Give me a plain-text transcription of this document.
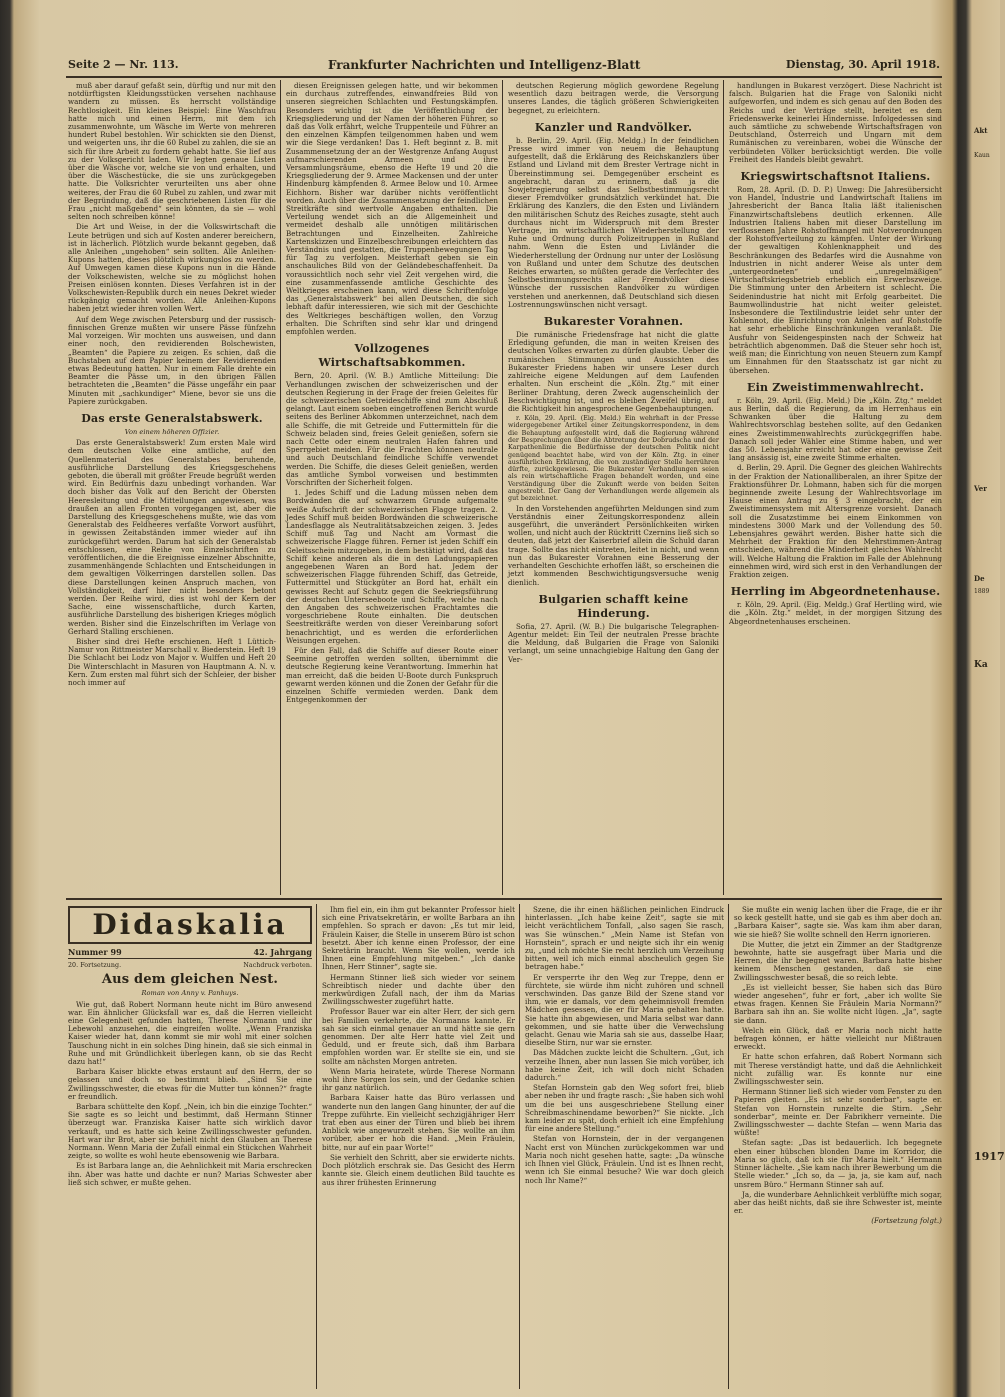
Seite 2 — Nr. 113.	Frankfurter Nachrichten und Intelligenz-Blatt	Dienstag, 30. April 1918.

muß aber darauf gefaßt sein, dürftig und nur mit den notdürftigsten Kleidungsstücken versehen nachhause wandern zu müssen. Es herrscht vollständige Rechtlosigkeit. Ein kleines Beispiel: Eine Waschfrau hatte mich und einen Herrn, mit dem ich zusammenwohnte, um Wäsche im Werte von mehreren hundert Rubel bestohlen. Wir schickten sie den Dienst, und weigerten uns, ihr die 60 Rubel zu zahlen, die sie an sich für ihre Arbeit zu fordern gehabt hatte. Sie lief aus zu der Volksgericht laden. Wir legten genaue Listen über die Wäsche vor, welche sie von und erhalten, und über die Wäschestücke, die sie uns zurückgegeben hatte. Die Volksrichter verurteilten uns aber ohne weiteres, der Frau die 60 Rubel zu zahlen, und zwar mit der Begründung, daß die geschriebenen Listen für die Frau „nicht maßgebend“ sein könnten, da sie — wohl selten noch schreiben könne!

Die Art und Weise, in der die Volkswirtschaft die Leute betrügen und sich auf Kosten anderer bereichern, ist in lächerlich. Plötzlich wurde bekannt gegeben, daß alle Anleihen „ungehoben“ sein sollten. Alle Anleihen-Kupons hatten, dieses plötzlich wirkungslos zu werden. Auf Umwegen kamen diese Kupons nun in die Hände der Volkschewisten, welche sie zu möglichst hohen Preisen einlösen konnten. Dieses Verfahren ist in der Volkschewisten-Republik durch ein neues Dekret wieder rückgängig gemacht worden. Alle Anleihen-Kupons haben jetzt wieder ihren vollen Wert.

Auf dem Wege zwischen Petersburg und der russisch-finnischen Grenze mußten wir unsere Pässe fünfzehn Mal vorzeigen. Wir mochten uns ausweisen, und dann einer noch, den revidierenden Bolschewisten, „Beamten“ die Papiere zu zeigen. Es schien, daß die Buchstaben auf dem Papier keinem der Revidierenden etwas Bedeutung hatten. Nur in einem Falle drehte ein Beamter die Pässe um, in den übrigen Fällen betrachteten die „Beamten“ die Pässe ungefähr ein paar Minuten mit „sachkundiger“ Miene, bevor sie uns die Papiere zurückgaben.

Das erste Generalstabswerk.
Von einem höheren Offizier.

Das erste Generalstabswerk! Zum ersten Male wird dem deutschen Volke eine amtliche, auf den Quellenmaterial des Generalstabes beruhende, ausführliche Darstellung des Kriegsgeschehens geboten, die überall mit größter Freude begrüßt werden wird. Ein Bedürfnis dazu unbedingt vorhanden. War doch bisher das Volk auf den Bericht der Obersten Heeresleitung und die Mitteilungen angewiesen, was draußen an allen Fronten vorgegangen ist, aber die Darstellung des Kriegsgeschehens mußte, wie das vom Generalstab des Feldheeres verfaßte Vorwort ausführt, in gewissen Zeitabständen immer wieder auf ihn zurückgeführt werden. Darum hat sich der Generalstab entschlossen, eine Reihe von Einzelschriften zu veröffentlichen, die die Ereignisse einzelner Abschnitte, zusammenhängende Schlachten und Entscheidungen in dem gewaltigen Völkerringen darstellen sollen. Das diese Darstellungen keinen Anspruch machen, von Vollständigkeit, darf hier nicht besonders betont werden. Der Reihe wird, dies ist wohl der Kern der Sache, eine wissenschaftliche, durch Karten, ausführliche Darstellung des bisherigen Krieges möglich werden. Bisher sind die Einzelschriften im Verlage von Gerhard Stalling erschienen.

Bisher sind drei Hefte erschienen. Heft 1 Lüttich-Namur von Rittmeister Marschall v. Biederstein. Heft 19 Die Schlacht bei Lodz von Major v. Wulffen und Heft 20 Die Winterschlacht in Masuren von Hauptmann A. N. v. Kern. Zum ersten mal führt sich der Schleier, der bisher noch immer auf

diesen Ereignissen gelegen hatte, und wir bekommen ein durchaus zutreffendes, einwandfreies Bild von unseren siegreichen Schlachten und Festungskämpfen. Besonders wichtig ist die Veröffentlichung der Kriegsgliederung und der Namen der höheren Führer, so daß das Volk erfährt, welche Truppenteile und Führer an den einzelnen Kämpfen teilgenommen haben und wem wir die Siege verdanken! Das 1. Heft beginnt z. B. mit Zusammensetzung der an der Westgrenze Anfang August aufmarschierenden Armeen und ihre Versammlungsräume, ebenso die Hefte 19 und 20 die Kriegsgliederung der 9. Armee Mackensen und der unter Hindenburg kämpfenden 8. Armee Below und 10. Armee Eichhorn. Bisher war darüber nichts veröffentlicht worden. Auch über die Zusammensetzung der feindlichen Streitkräfte sind wertvolle Angaben enthalten. Die Verteilung wendet sich an die Allgemeinheit und vermeidet deshalb alle unnötigen militärischen Betrachtungen und Einzelheiten. Zahlreiche Kartenskizzen und Einzelbeschreibungen erleichtern das Verständnis und gestatten, die Truppenbewegungen Tag für Tag zu verfolgen. Meisterhaft geben sie ein anschauliches Bild von der Geländebeschaffenheit. Da voraussichtlich noch sehr viel Zeit vergehen wird, die eine zusammenfassende amtliche Geschichte des Weltkrieges erscheinen kann, wird diese Schriftenfolge das „Generalstabswerk“ bei allen Deutschen, die sich lebhaft dafür interessieren, wie sich mit der Geschichte des Weltkrieges beschäftigen wollen, den Vorzug erhalten. Die Schriften sind sehr klar und dringend empfohlen werden.

Vollzogenes Wirtschaftsabkommen.

Bern, 20. April. (W. B.) Amtliche Mitteilung: Die Verhandlungen zwischen der schweizerischen und der deutschen Regierung in der Frage der freien Geleites für die schweizerischen Getreideschiffe sind zum Abschluß gelangt. Laut einem soeben eingetroffenen Bericht wurde seitens des Berliner Abkommen unterzeichnet, nach dem alle Schiffe, die mit Getreide und Futtermitteln für die Schweiz beladen sind, freies Geleit genießen, sofern sie nach Cette oder einem neutralen Hafen fahren und Sperrgebiet meiden. Für die Frachten können neutrale und auch Deutschland feindliche Schiffe verwendet werden. Die Schiffe, die dieses Geleit genießen, werden das amtliche Symbol vorweisen und bestimmten Vorschriften der Sicherheit folgen.

1. Jedes Schiff und die Ladung müssen neben dem Bordwänden die auf schwarzem Grunde aufgemalte weiße Aufschrift der schweizerischen Flagge tragen. 2. Jedes Schiff muß beiden Bordwänden die schweizerische Landesflagge als Neutralitätsabzeichen zeigen. 3. Jedes Schiff muß Tag und Nacht am Vormast die schweizerische Flagge führen. Ferner ist jeden Schiff ein Geleitsschein mitzugeben, in dem bestätigt wird, daß das Schiff keine anderen als die in den Ladungspapieren angegebenen Waren an Bord hat. Jedem der schweizerischen Flagge führenden Schiff, das Getreide, Futtermittel und Stückgüter an Bord hat, erhält ein gewisses Recht auf Schutz gegen die Seekriegsführung der deutschen Unterseeboote und Schiffe, welche nach den Angaben des schweizerischen Frachtamtes die vorgeschriebene Route einhalten. Die deutschen Seestreitkräfte werden von dieser Vereinbarung sofort benachrichtigt, und es werden die erforderlichen Weisungen ergehen.

Für den Fall, daß die Schiffe auf dieser Route einer Seemine getroffen werden sollten, übernimmt die deutsche Regierung keine Verantwortung. Immerhin hat man erreicht, daß die beiden U-Boote durch Funkspruch gewarnt werden können und die Zonen der Gefahr für die einzelnen Schiffe vermieden werden. Dank dem Entgegenkommen der

deutschen Regierung möglich gewordene Regelung wesentlich dazu beitragen werde, die Versorgung unseres Landes, die täglich größeren Schwierigkeiten begegnet, zu erleichtern.

Kanzler und Randvölker.

b. Berlin, 29. April. (Eig. Meldg.) In der feindlichen Presse wird immer von neuem die Behauptung aufgestellt, daß die Erklärung des Reichskanzlers über Estland und Livland mit dem Brester Vertrage nicht in Übereinstimmung sei. Demgegenüber erscheint es angebracht, daran zu erinnern, daß ja die Sowjetregierung selbst das Selbstbestimmungsrecht dieser Fremdvölker grundsätzlich verkündet hat. Die Erklärung des Kanzlers, die den Esten und Livländern den militärischen Schutz des Reiches zusagte, steht auch durchaus nicht im Widerspruch mit dem Brester Vertrage, im wirtschaftlichen Wiederherstellung der Ruhe und Ordnung durch Polizeitruppen in Rußland nahm. Wenn die Esten und Livländer die Wiederherstellung der Ordnung nur unter der Loslösung von Rußland und unter dem Schutze des deutschen Reiches erwarten, so müßten gerade die Verfechter des Selbstbestimmungsrechts aller Fremdvölker diese Wünsche der russischen Randvölker zu würdigen verstehen und anerkennen, daß Deutschland sich diesen Lostrennungswünschen nicht versagt.

Bukarester Vorahnen.

Die rumänische Friedensfrage hat nicht die glatte Erledigung gefunden, die man in weiten Kreisen des deutschen Volkes erwarten zu dürfen glaubte. Ueber die rumänischen Stimmungen und Aussichten des Bukarester Friedens haben wir unsere Leser durch zahlreiche eigene Meldungen auf dem Laufenden erhalten. Nun erscheint die „Köln. Ztg.“ mit einer Berliner Drahtung, deren Zweck augenscheinlich der Beschwichtigung ist, und es bleiben Zweifel übrig, auf die Richtigkeit hin angesprochene Gegenbehauptungen.

r. Köln, 29. April. (Eig. Meld.) Ein wehrhaft in der Presse widergegebener Artikel einer Zeitungskorrespondenz, in dem die Behauptung aufgestellt wird, daß die Regierung während der Besprechungen über die Abtretung der Dobrudscha und der Karpathenlinie die Bedürfnisse der deutschen Politik nicht genügend beachtet habe, wird von der Köln. Ztg. in einer ausführlichen Erklärung, die von zuständiger Stelle herrühren dürfte, zurückgewiesen. Die Bukarester Verhandlungen seien als rein wirtschaftliche Fragen behandelt worden, und eine Verständigung über die Zukunft werde von beiden Seiten angestrebt. Der Gang der Verhandlungen werde allgemein als gut bezeichnet.

In den Vorstehenden angeführten Meldungen sind zum Verständnis einer Zeitungskorrespondenz allein ausgeführt, die unverändert Persönlichkeiten wirken wollen, und nicht auch der Rücktritt Czernins ließ sich so deuten, daß jetzt der Kaiserbrief allein die Schuld daran trage. Sollte das nicht eintreten, leitet in nicht, und wenn nun das Bukarester Vorahnen eine Besserung der verhandelten Geschichte erhoffen läßt, so erscheinen die jetzt kommenden Beschwichtigungsversuche wenig dienlich.

Bulgarien schafft keine Hinderung.

Sofia, 27. April. (W. B.) Die bulgarische Telegraphen-Agentur meldet: Ein Teil der neutralen Presse brachte die Meldung, daß Bulgarien die Frage von Saloniki verlangt, um seine unnachgiebige Haltung den Gang der Ver-

handlungen in Bukarest verzögert. Diese Nachricht ist falsch. Bulgarien hat die Frage von Saloniki nicht aufgeworfen, und indem es sich genau auf den Boden des Reichs und der Verträge stellt, bereitet es dem Friedenswerke keinerlei Hindernisse. Infolgedessen sind auch sämtliche zu schwebende Wirtschaftsfragen von Deutschland, Österreich und Ungarn mit dem Rumänischen zu vereinbaren, wobei die Wünsche der verbündeten Völker berücksichtigt werden. Die volle Freiheit des Handels bleibt gewahrt.

Kriegswirtschaftsnot Italiens.

Rom, 28. April. (D. D. P.) Unweg: Die Jahresübersicht von Handel, Industrie und Landwirtschaft Italiens im Jahresbericht der Banca Italia läßt italienischen Finanzwirtschaftslebens deutlich erkennen. Alle Industrien Italiens haben mit dieser Darstellung im verflossenen Jahre Rohstoffmangel mit Notverordnungen der Rohstoffverteilung zu kämpfen. Unter der Wirkung der gewaltigen Kohlenknappheit und des Beschränkungen des Bedarfes wird die Ausnahme von Industrien in nicht anderer Weise als unter dem „untergeordneten“ und „unregelmäßigen“ Wirtschaftskriegsbetrieb erheblich ein Erwerbszweige. Die Stimmung unter den Arbeitern ist schlecht. Die Seidenindustrie hat nicht mit Erfolg gearbeitet. Die Baumwollindustrie hat nicht weiter geleistet. Insbesondere die Textilindustrie leidet sehr unter der Kohlennot, die Einrichtung von Anleihen auf Rohstoffe hat sehr erhebliche Einschränkungen veranlaßt. Die Ausfuhr von Seidengespinsten nach der Schweiz hat beträchtlich abgenommen. Daß die Steuer sehr hoch ist, weiß man; die Einrichtung von neuen Steuern zum Kampf um Einnahmen für den Staatsschatz ist gar nicht zu übersehen.

Ein Zweistimmenwahlrecht.

r. Köln, 29. April. (Eig. Meld.) Die „Köln. Ztg.“ meldet aus Berlin, daß die Regierung, da im Herrenhaus ein Schwanken über die Haltung zu dem Wahlrechtsvorschlag bestehen sollte, auf den Gedanken eines Zweistimmenwahlrechts zurückgegriffen habe. Danach soll jeder Wähler eine Stimme haben, und wer das 50. Lebensjahr erreicht hat oder eine gewisse Zeit lang ansässig ist, eine zweite Stimme erhalten.

d. Berlin, 29. April. Die Gegner des gleichen Wahlrechts in der Fraktion der Nationalliberalen, an ihrer Spitze der Fraktionsführer Dr. Lohmann, haben sich für die morgen beginnende zweite Lesung der Wahlrechtsvorlage im Hause einen Antrag zu § 3 eingebracht, der ein Zweistimmensystem mit Altersgrenze vorsieht. Danach soll die Zusatzstimme bei einem Einkommen von mindestens 3000 Mark und der Vollendung des 50. Lebensjahres gewährt werden. Bisher hatte sich die Mehrheit der Fraktion für den Mehrstimmen-Antrag entschieden, während die Minderheit gleiches Wahlrecht will. Welche Haltung die Fraktion im Falle der Ablehnung einnehmen wird, wird sich erst in den Verhandlungen der Fraktion zeigen.

Herrling im Abgeordnetenhause.

r. Köln, 29. April. (Eig. Meldg.) Graf Hertling wird, wie die „Köln. Ztg.“ meldet, in der morgigen Sitzung des Abgeordnetenhauses erscheinen.

Didaskalia
Nummer 99	42. Jahrgang
20. Fortsetzung.	Nachdruck verboten.
Aus dem gleichen Nest.
Roman von Anny v. Panhuys.

Wie gut, daß Robert Normann heute nicht im Büro anwesend war. Ein ähnlicher Glücksfall war es, daß die Herren vielleicht eine Gelegenheit gefunden hatten, Therese Normann und ihr Lebewohl anzusehen, die eingreifen wollte. „Wenn Franziska Kaiser wieder hat, dann kommt sie mir wohl mit einer solchen Tauschung nicht in ein solches Ding hinein, daß sie sich einmal in Ruhe und mit Gründlichkeit überlegen kann, ob sie das Recht dazu hat!“

Barbara Kaiser blickte etwas erstaunt auf den Herrn, der so gelassen und doch so bestimmt blieb. „Sind Sie eine Zwillingsschwester, die etwas für die Mutter tun können?“ fragte er freundlich.

Barbara schüttelte den Kopf. „Nein, ich bin die einzige Tochter.“ Sie sagte es so leicht und bestimmt, daß Hermann Stinner überzeugt war. Franziska Kaiser hatte sich wirklich davor verkauft, und es hatte sich keine Zwillingsschwester gefunden. Hart war ihr Brot, aber sie behielt nicht den Glauben an Therese Normann. Wenn Maria der Zufall einmal ein Stückchen Wahrheit zeigte, so wollte es wohl heute ebensowenig wie Barbara.

Es ist Barbara lange an, die Aehnlichkeit mit Maria erschrecken ihn. Aber was hatte und dachte er nun? Marias Schwester aber ließ sich schwer, er mußte gehen.

Ihm fiel ein, ein ihm gut bekannter Professor hielt sich eine Privatsekretärin, er wollte Barbara an ihn empfehlen. So sprach er davon: „Es tut mir leid, Fräulein Kaiser, die Stelle in unserem Büro ist schon besetzt. Aber ich kenne einen Professor, der eine Sekretärin braucht. Wenn Sie wollen, werde ich Ihnen eine Empfehlung mitgeben.“ „Ich danke Ihnen, Herr Stinner“, sagte sie.

Hermann Stinner ließ sich wieder vor seinem Schreibtisch nieder und dachte über den merkwürdigen Zufall nach, der ihm da Marias Zwillingsschwester zugeführt hatte.

Professor Bauer war ein alter Herr, der sich gern bei Familien verkehrte, die Normanns kannte. Er sah sie sich einmal genauer an und hätte sie gern genommen. Der alte Herr hatte viel Zeit und Geduld, und er freute sich, daß ihm Barbara empfohlen worden war. Er stellte sie ein, und sie sollte am nächsten Morgen antreten.

Wenn Maria heiratete, würde Therese Normann wohl ihre Sorgen los sein, und der Gedanke schien ihr ganz natürlich.

Barbara Kaiser hatte das Büro verlassen und wanderte nun den langen Gang hinunter, der auf die Treppe zuführte. Ein vielleicht sechzigjähriger Herr trat eben aus einer der Türen und blieb bei ihrem Anblick wie angewurzelt stehen. Sie wollte an ihm vorüber, aber er hob die Hand. „Mein Fräulein, bitte, nur auf ein paar Worte!“

Sie verhielt den Schritt, aber sie erwiderte nichts. Doch plötzlich erschrak sie. Das Gesicht des Herrn kannte sie. Gleich einem deutlichen Bild tauchte es aus ihrer frühesten Erinnerung

Szene, die ihr einen häßlichen peinlichen Eindruck hinterlassen. „Ich habe keine Zeit“, sagte sie mit leicht verächtlichem Tonfall, „also sagen Sie rasch, was Sie wünschen.“ „Mein Name ist Stefan von Hornstein“, sprach er und neigte sich ihr ein wenig zu, „und ich möchte Sie recht herzlich um Verzeihung bitten, weil ich mich einmal abscheulich gegen Sie betragen habe.“

Er versperrte ihr den Weg zur Treppe, denn er fürchtete, sie würde ihm nicht zuhören und schnell verschwinden. Das ganze Bild der Szene stand vor ihm, wie er damals, vor dem geheimnisvoll fremden Mädchen gesessen, die er für Maria gehalten hatte. Sie hatte ihn abgewiesen, und Maria selbst war dann gekommen, und sie hatte über die Verwechslung gelacht. Genau wie Maria sah sie aus, dasselbe Haar, dieselbe Stirn, nur war sie ernster.

Das Mädchen zuckte leicht die Schultern. „Gut, ich verzeihe Ihnen, aber nun lassen Sie mich vorüber, ich habe keine Zeit, ich will doch nicht Schaden dadurch.“

Stefan Hornstein gab den Weg sofort frei, blieb aber neben ihr und fragte rasch: „Sie haben sich wohl um die bei uns ausgeschriebene Stellung einer Schreibmaschinendame beworben?“ Sie nickte. „Ich kam leider zu spät, doch erhielt ich eine Empfehlung für eine andere Stellung.“

Stefan von Hornstein, der in der vergangenen Nacht erst von München zurückgekommen war und Maria noch nicht gesehen hatte, sagte: „Da wünsche ich Ihnen viel Glück, Fräulein. Und ist es Ihnen recht, wenn ich Sie einmal besuche? Wie war doch gleich noch Ihr Name?“

Sie mußte ein wenig lachen über die Frage, die er ihr so keck gestellt hatte, und sie gab es ihm aber doch an. „Barbara Kaiser“, sagte sie. Was kam ihm aber daran, wie sie hieß? Sie wollte schnell den Herrn ignorieren.

Die Mutter, die jetzt ein Zimmer an der Stadtgrenze bewohnte, hatte sie ausgefragt über Maria und die Herren, die ihr begegnet waren. Barbara hatte bisher keinem Menschen gestanden, daß sie eine Zwillingsschwester besaß, die so reich lebte.

„Es ist vielleicht besser, Sie haben sich das Büro wieder angesehen“, fuhr er fort, „aber ich wollte Sie etwas fragen. Kennen Sie Fräulein Maria Normann?“ Barbara sah ihn an. Sie wollte nicht lügen. „Ja“, sagte sie dann.

Welch ein Glück, daß er Maria noch nicht hatte befragen können, er hätte vielleicht nur Mißtrauen erweckt.

Er hatte schon erfahren, daß Robert Normann sich mit Therese verständigt hatte, und daß die Aehnlichkeit nicht zufällig war. Es konnte nur eine Zwillingsschwester sein.

Hermann Stinner ließ sich wieder vom Fenster zu den Papieren gleiten. „Es ist sehr sonderbar“, sagte er. Stefan von Hornstein runzelte die Stirn. „Sehr sonderbar“, meinte er. Der Fabrikherr verneinte. Die Zwillingsschwester — dachte Stefan — wenn Maria das wüßte!

Stefan sagte: „Das ist bedauerlich. Ich begegnete eben einer hübschen blonden Dame im Korridor, die Maria so glich, daß ich sie für Maria hielt.“ Hermann Stinner lächelte. „Sie kam nach ihrer Bewerbung um die Stelle wieder.“ „Ich so, da — ja, ja, sie kam auf, nach unsrem Büro.“ Hermann Stinner sah auf.

Ja, die wunderbare Aehnlichkeit verblüffte mich sogar, aber das heißt nichts, daß sie ihre Schwester ist, meinte er.

(Fortsetzung folgt.)

Akt
Kaun
Ver
De
1889
Ka
1917
